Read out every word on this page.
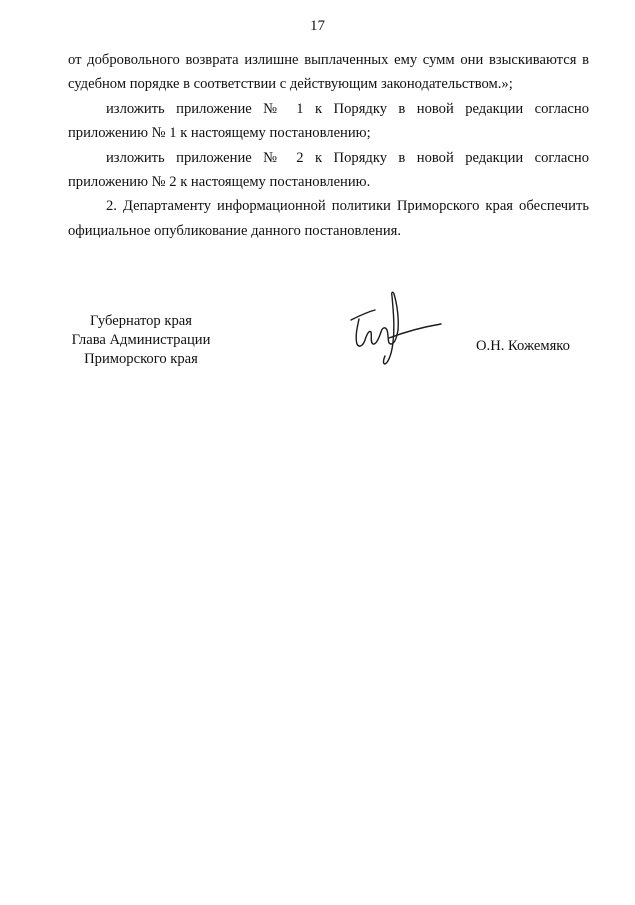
17

от добровольного возврата излишне выплаченных ему сумм они взыскиваются в судебном порядке в соответствии с действующим законодательством.»;

изложить приложение № 1 к Порядку в новой редакции согласно приложению № 1 к настоящему постановлению;

изложить приложение № 2 к Порядку в новой редакции согласно приложению № 2 к настоящему постановлению.

2. Департаменту информационной политики Приморского края обеспечить официальное опубликование данного постановления.

Губернатор края
Глава Администрации
Приморского края
О.Н. Кожемяко
